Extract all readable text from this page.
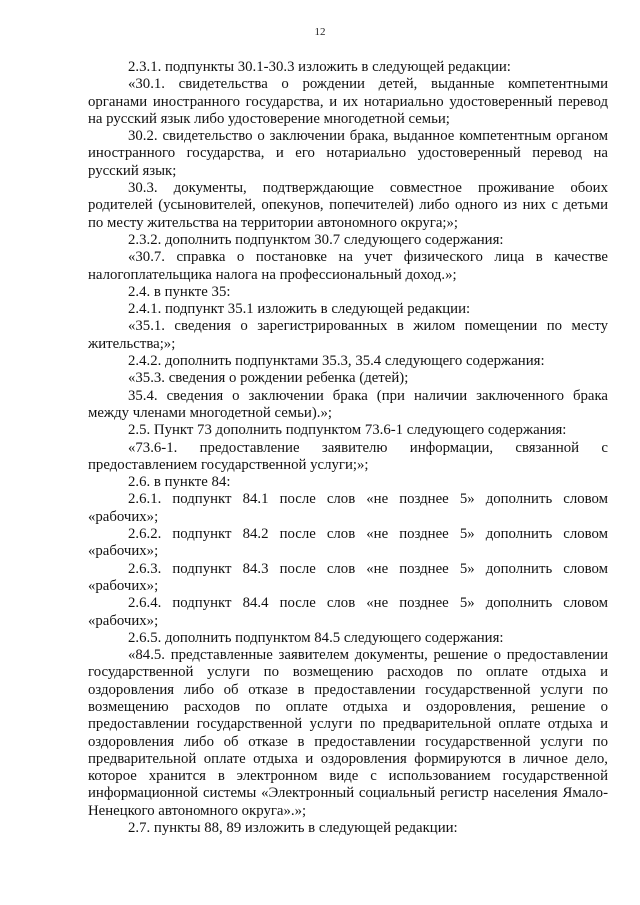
12

2.3.1. подпункты 30.1-30.3 изложить в следующей редакции:

«30.1. свидетельства о рождении детей, выданные компетентными органами иностранного государства, и их нотариально удостоверенный перевод на русский язык либо удостоверение многодетной семьи;

30.2. свидетельство о заключении брака, выданное компетентным органом иностранного государства, и его нотариально удостоверенный перевод на русский язык;

30.3. документы, подтверждающие совместное проживание обоих родителей (усыновителей, опекунов, попечителей) либо одного из них с детьми по месту жительства на территории автономного округа;»;

2.3.2. дополнить подпунктом 30.7 следующего содержания:

«30.7. справка о постановке на учет физического лица в качестве налогоплательщика налога на профессиональный доход.»;

2.4. в пункте 35:

2.4.1. подпункт 35.1 изложить в следующей редакции:

«35.1. сведения о зарегистрированных в жилом помещении по месту жительства;»;

2.4.2. дополнить подпунктами 35.3, 35.4 следующего содержания:

«35.3. сведения о рождении ребенка (детей);

35.4. сведения о заключении брака (при наличии заключенного брака между членами многодетной семьи).»;

2.5. Пункт 73 дополнить подпунктом 73.6-1 следующего содержания:

«73.6-1. предоставление заявителю информации, связанной с предоставлением государственной услуги;»;

2.6. в пункте 84:

2.6.1. подпункт 84.1 после слов «не позднее 5» дополнить словом «рабочих»;

2.6.2. подпункт 84.2 после слов «не позднее 5» дополнить словом «рабочих»;

2.6.3. подпункт 84.3 после слов «не позднее 5» дополнить словом «рабочих»;

2.6.4. подпункт 84.4 после слов «не позднее 5» дополнить словом «рабочих»;

2.6.5. дополнить подпунктом 84.5 следующего содержания:

«84.5. представленные заявителем документы, решение о предоставлении государственной услуги по возмещению расходов по оплате отдыха и оздоровления либо об отказе в предоставлении государственной услуги по возмещению расходов по оплате отдыха и оздоровления, решение о предоставлении государственной услуги по предварительной оплате отдыха и оздоровления либо об отказе в предоставлении государственной услуги по предварительной оплате отдыха и оздоровления формируются в личное дело, которое хранится в электронном виде с использованием государственной информационной системы «Электронный социальный регистр населения Ямало-Ненецкого автономного округа».»;

2.7. пункты 88, 89 изложить в следующей редакции:
